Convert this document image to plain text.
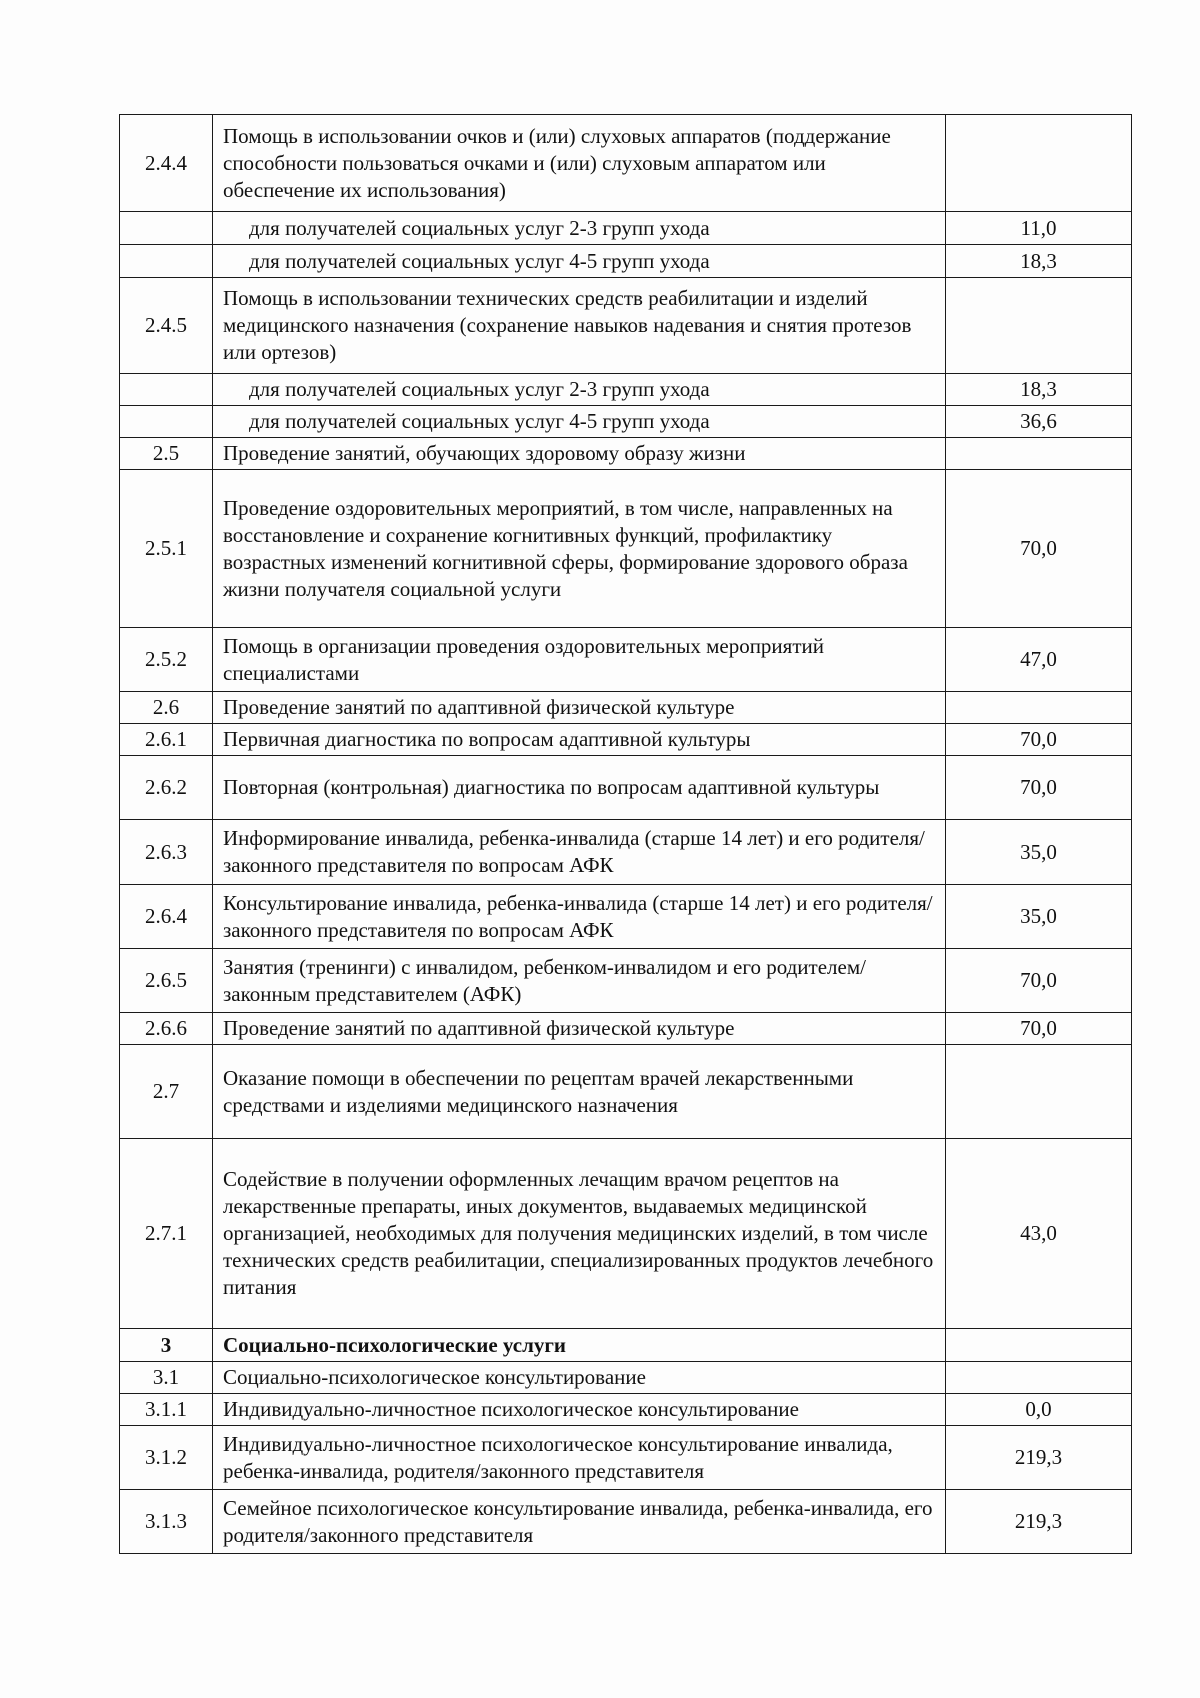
2.4.4	Помощь в использовании очков и (или) слуховых аппаратов (поддержание способности пользоваться очками и (или) слуховым аппаратом или обеспечение их использования)	
	для получателей социальных услуг 2-3 групп ухода	11,0
	для получателей социальных услуг 4-5 групп ухода	18,3
2.4.5	Помощь в использовании технических средств реабилитации и изделий медицинского назначения (сохранение навыков надевания и снятия протезов или ортезов)	
	для получателей социальных услуг 2-3 групп ухода	18,3
	для получателей социальных услуг 4-5 групп ухода	36,6
2.5	Проведение занятий, обучающих здоровому образу жизни	
2.5.1	Проведение оздоровительных мероприятий, в том числе, направленных на восстановление и сохранение когнитивных функций, профилактику возрастных изменений когнитивной сферы, формирование здорового образа жизни получателя социальной услуги	70,0
2.5.2	Помощь в организации проведения оздоровительных мероприятий специалистами	47,0
2.6	Проведение занятий по адаптивной физической культуре	
2.6.1	Первичная диагностика по вопросам адаптивной культуры	70,0
2.6.2	Повторная (контрольная) диагностика по вопросам адаптивной культуры	70,0
2.6.3	Информирование инвалида, ребенка-инвалида (старше 14 лет) и его родителя/законного представителя по вопросам АФК	35,0
2.6.4	Консультирование инвалида, ребенка-инвалида (старше 14 лет) и его родителя/законного представителя по вопросам АФК	35,0
2.6.5	Занятия (тренинги) с инвалидом, ребенком-инвалидом и его родителем/законным представителем (АФК)	70,0
2.6.6	Проведение занятий по адаптивной физической культуре	70,0
2.7	Оказание помощи в обеспечении по рецептам врачей лекарственными средствами и изделиями медицинского назначения	
2.7.1	Содействие в получении оформленных лечащим врачом рецептов на лекарственные препараты, иных документов, выдаваемых медицинской организацией, необходимых для получения медицинских изделий, в том числе технических средств реабилитации, специализированных продуктов лечебного питания	43,0
3	Социально-психологические услуги	
3.1	Социально-психологическое консультирование	
3.1.1	Индивидуально-личностное психологическое консультирование	0,0
3.1.2	Индивидуально-личностное психологическое консультирование инвалида, ребенка-инвалида, родителя/законного представителя	219,3
3.1.3	Семейное психологическое консультирование инвалида, ребенка-инвалида, его родителя/законного представителя	219,3
